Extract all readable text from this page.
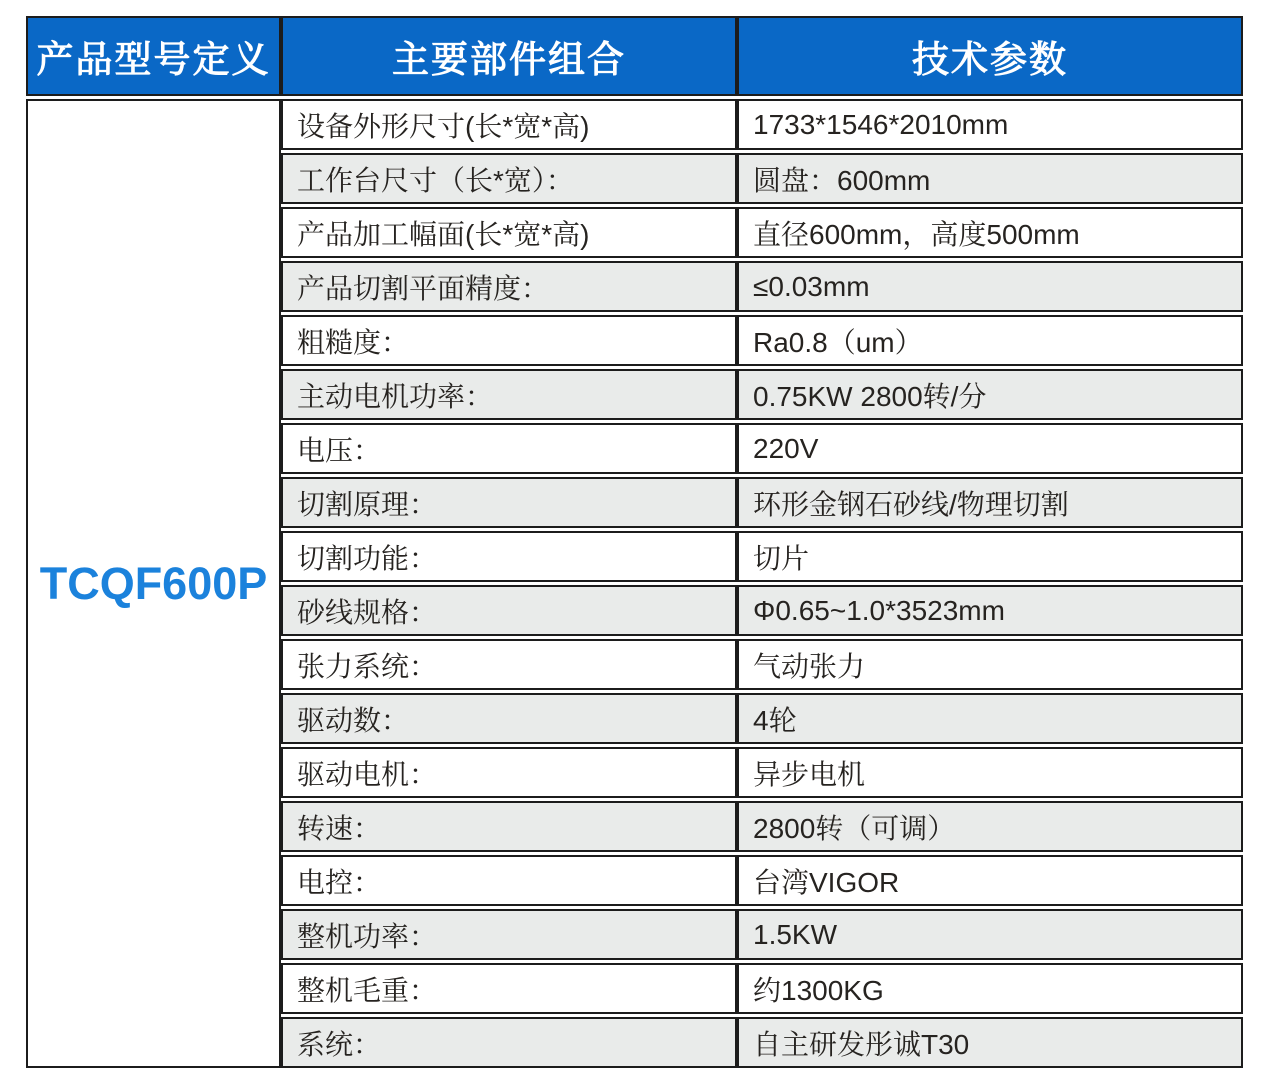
产品型号定义	主要部件组合	技术参数
TCQF600P	设备外形尺寸(长*宽*高)	1733*1546*2010mm
	工作台尺寸（长*宽）：	圆盘：600mm
	产品加工幅面(长*宽*高)	直径600mm，高度500mm
	产品切割平面精度：	≤0.03mm
	粗糙度：	Ra0.8（um）
	主动电机功率：	0.75KW 2800转/分
	电压：	220V
	切割原理：	环形金钢石砂线/物理切割
	切割功能：	切片
	砂线规格：	Φ0.65~1.0*3523mm
	张力系统：	气动张力
	驱动数：	4轮
	驱动电机：	异步电机
	转速：	2800转（可调）
	电控：	台湾VIGOR
	整机功率：	1.5KW
	整机毛重：	约1300KG
	系统：	自主研发彤诚T30
